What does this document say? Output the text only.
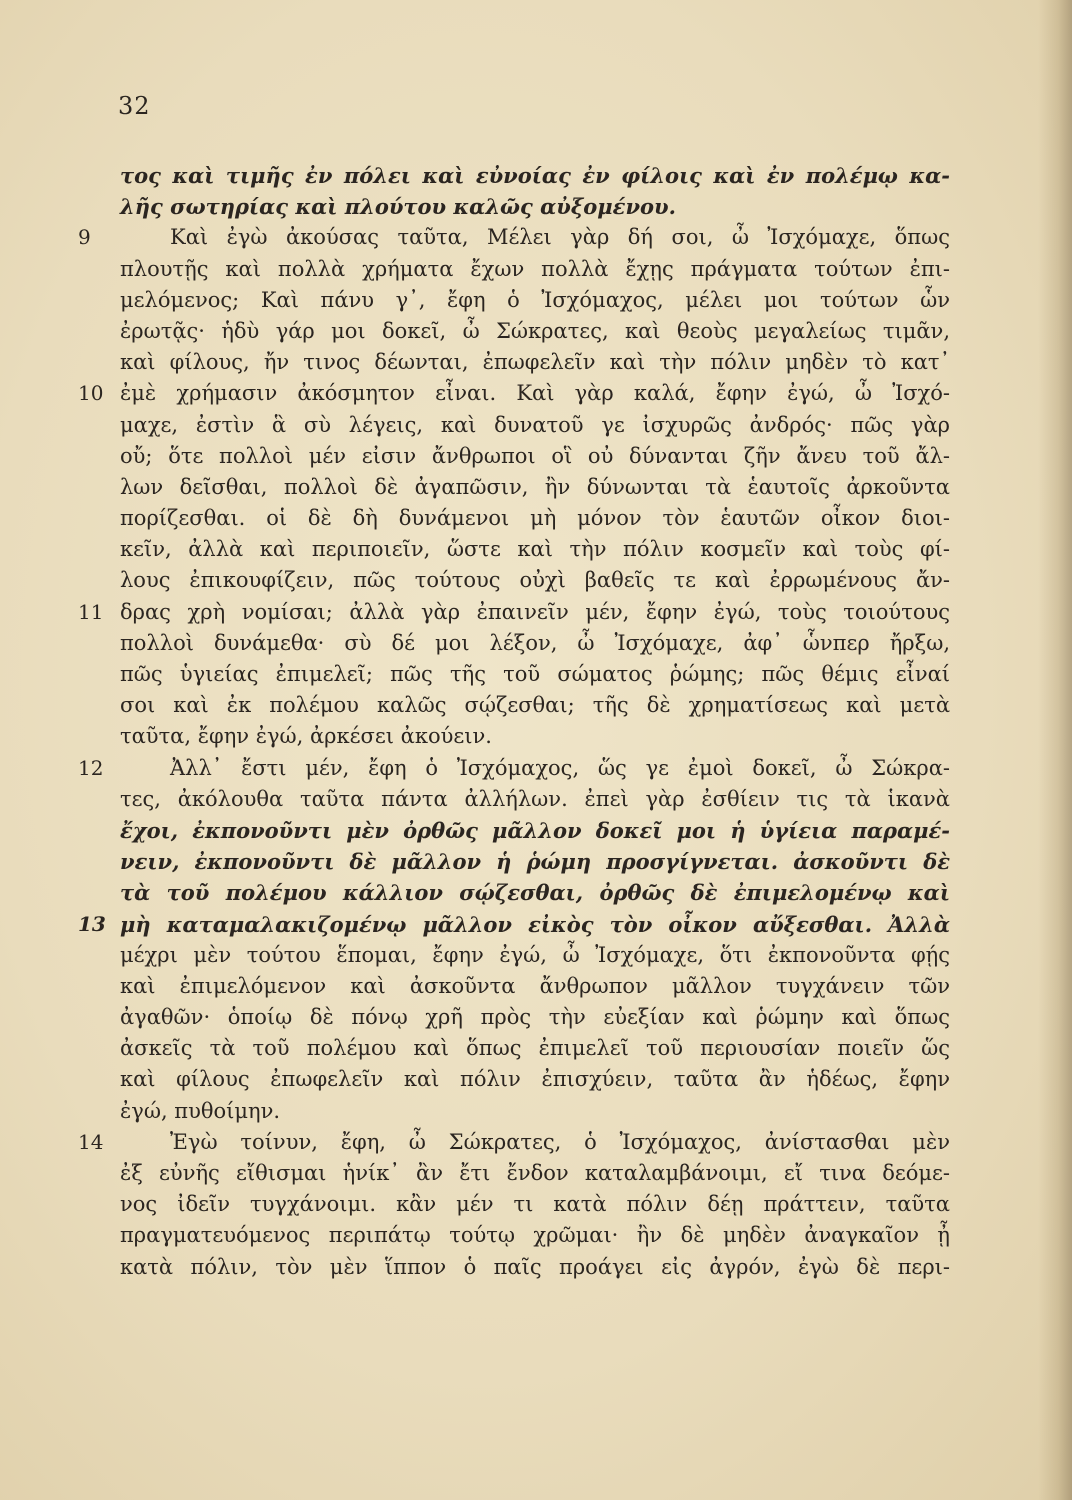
32
τος καὶ τιμῆς ἐν πόλει καὶ εὐνοίας ἐν φίλοις καὶ ἐν πολέμῳ κα-
λῆς σωτηρίας καὶ πλούτου καλῶς αὐξομένου.
9	Καὶ ἐγὼ ἀκούσας ταῦτα, Μέλει γὰρ δή σοι, ὦ Ἰσχόμαχε, ὅπως
πλουτῇς καὶ πολλὰ χρήματα ἔχων πολλὰ ἔχῃς πράγματα τούτων ἐπι-
μελόμενος; Καὶ πάνυ γ᾽, ἔφη ὁ Ἰσχόμαχος, μέλει μοι τούτων ὧν
ἐρωτᾷς· ἡδὺ γάρ μοι δοκεῖ, ὦ Σώκρατες, καὶ θεοὺς μεγαλείως τιμᾶν,
καὶ φίλους, ἤν τινος δέωνται, ἐπωφελεῖν καὶ τὴν πόλιν μηδὲν τὸ κατ᾽
10 ἐμὲ χρήμασιν ἀκόσμητον εἶναι. Καὶ γὰρ καλά, ἔφην ἐγώ, ὦ Ἰσχό-
μαχε, ἐστὶν ἃ σὺ λέγεις, καὶ δυνατοῦ γε ἰσχυρῶς ἀνδρός· πῶς γὰρ
οὔ; ὅτε πολλοὶ μέν εἰσιν ἄνθρωποι οἳ οὐ δύνανται ζῆν ἄνευ τοῦ ἄλ-
λων δεῖσθαι, πολλοὶ δὲ ἀγαπῶσιν, ἢν δύνωνται τὰ ἑαυτοῖς ἀρκοῦντα
πορίζεσθαι. οἱ δὲ δὴ δυνάμενοι μὴ μόνον τὸν ἑαυτῶν οἶκον διοι-
κεῖν, ἀλλὰ καὶ περιποιεῖν, ὥστε καὶ τὴν πόλιν κοσμεῖν καὶ τοὺς φί-
λους ἐπικουφίζειν, πῶς τούτους οὐχὶ βαθεῖς τε καὶ ἐρρωμένους ἄν-
11 δρας χρὴ νομίσαι; ἀλλὰ γὰρ ἐπαινεῖν μέν, ἔφην ἐγώ, τοὺς τοιούτους
πολλοὶ δυνάμεθα· σὺ δέ μοι λέξον, ὦ Ἰσχόμαχε, ἀφ᾽ ὧνπερ ἤρξω,
πῶς ὑγιείας ἐπιμελεῖ; πῶς τῆς τοῦ σώματος ῥώμης; πῶς θέμις εἶναί
σοι καὶ ἐκ πολέμου καλῶς σῴζεσθαι; τῆς δὲ χρηματίσεως καὶ μετὰ
ταῦτα, ἔφην ἐγώ, ἀρκέσει ἀκούειν.
12	Ἀλλ᾽ ἔστι μέν, ἔφη ὁ Ἰσχόμαχος, ὥς γε ἐμοὶ δοκεῖ, ὦ Σώκρα-
τες, ἀκόλουθα ταῦτα πάντα ἀλλήλων. ἐπεὶ γὰρ ἐσθίειν τις τὰ ἱκανὰ
ἔχοι, ἐκπονοῦντι μὲν ὀρθῶς μᾶλλον δοκεῖ μοι ἡ ὑγίεια παραμέ-
νειν, ἐκπονοῦντι δὲ μᾶλλον ἡ ῥώμη προσγίγνεται. ἀσκοῦντι δὲ
τὰ τοῦ πολέμου κάλλιον σῴζεσθαι, ὀρθῶς δὲ ἐπιμελομένῳ καὶ
13 μὴ καταμαλακιζομένῳ μᾶλλον εἰκὸς τὸν οἶκον αὔξεσθαι. Ἀλλὰ
μέχρι μὲν τούτου ἕπομαι, ἔφην ἐγώ, ὦ Ἰσχόμαχε, ὅτι ἐκπονοῦντα φῄς
καὶ ἐπιμελόμενον καὶ ἀσκοῦντα ἄνθρωπον μᾶλλον τυγχάνειν τῶν
ἀγαθῶν· ὁποίῳ δὲ πόνῳ χρῆ πρὸς τὴν εὐεξίαν καὶ ῥώμην καὶ ὅπως
ἀσκεῖς τὰ τοῦ πολέμου καὶ ὅπως ἐπιμελεῖ τοῦ περιουσίαν ποιεῖν ὥς
καὶ φίλους ἐπωφελεῖν καὶ πόλιν ἐπισχύειν, ταῦτα ἂν ἡδέως, ἔφην
ἐγώ, πυθοίμην.
14	Ἐγὼ τοίνυν, ἔφη, ὦ Σώκρατες, ὁ Ἰσχόμαχος, ἀνίστασθαι μὲν
ἐξ εὐνῆς εἴθισμαι ἡνίκ᾽ ἂν ἔτι ἔνδον καταλαμβάνοιμι, εἴ τινα δεόμε-
νος ἰδεῖν τυγχάνοιμι. κἂν μέν τι κατὰ πόλιν δέῃ πράττειν, ταῦτα
πραγματευόμενος περιπάτῳ τούτῳ χρῶμαι· ἢν δὲ μηδὲν ἀναγκαῖον ᾖ
κατὰ πόλιν, τὸν μὲν ἵππον ὁ παῖς προάγει εἰς ἀγρόν, ἐγὼ δὲ περι-
